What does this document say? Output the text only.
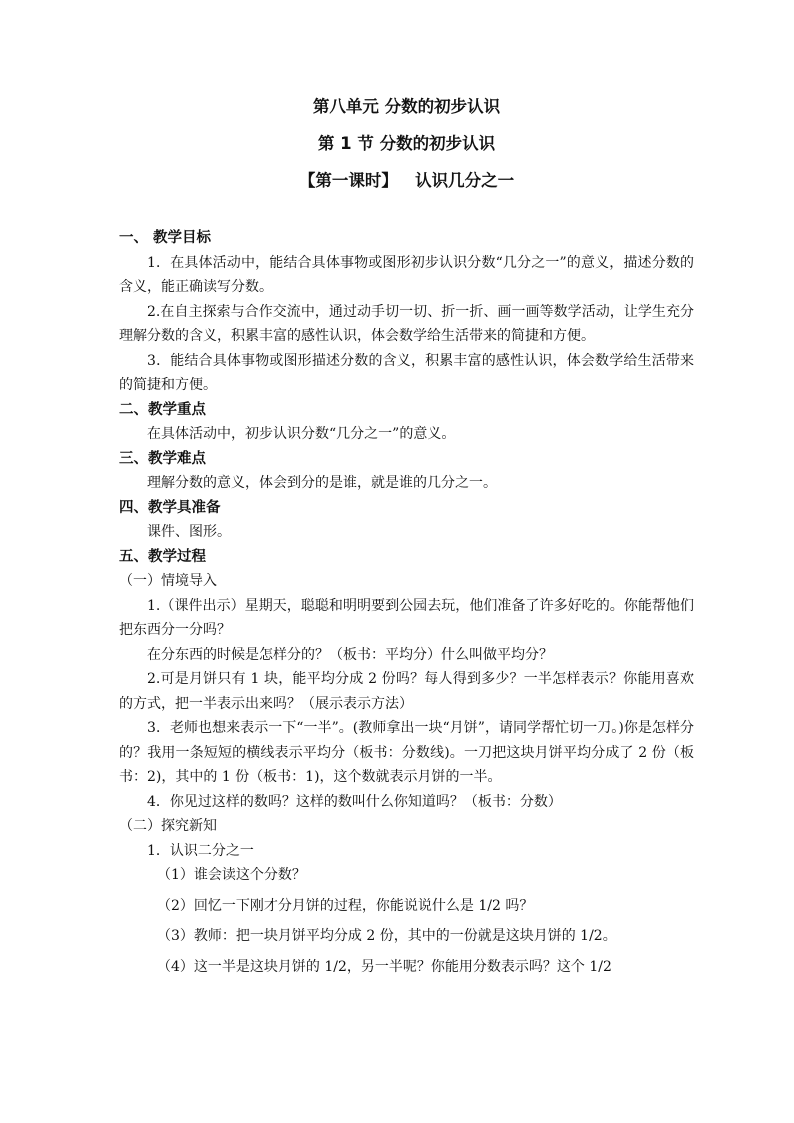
第八单元 分数的初步认识

第 1 节 分数的初步认识

【第一课时】   认识几分之一

一、 教学目标

1．在具体活动中，能结合具体事物或图形初步认识分数“几分之一”的意义，描述分数的含义，能正确读写分数。

2.在自主探索与合作交流中，通过动手切一切、折一折、画一画等数学活动，让学生充分理解分数的含义，积累丰富的感性认识，体会数学给生活带来的简捷和方便。

3．能结合具体事物或图形描述分数的含义，积累丰富的感性认识，体会数学给生活带来的简捷和方便。

二、教学重点

在具体活动中，初步认识分数“几分之一”的意义。

三、教学难点

理解分数的意义，体会到分的是谁，就是谁的几分之一。

四、教学具准备

课件、图形。

五、教学过程

（一）情境导入

1.（课件出示）星期天，聪聪和明明要到公园去玩，他们准备了许多好吃的。你能帮他们把东西分一分吗？

在分东西的时候是怎样分的？（板书：平均分）什么叫做平均分？

2.可是月饼只有 1 块，能平均分成 2 份吗？每人得到多少？一半怎样表示？你能用喜欢的方式，把一半表示出来吗？（展示表示方法）

3．老师也想来表示一下“一半”。(教师拿出一块“月饼”，请同学帮忙切一刀。)你是怎样分的？我用一条短短的横线表示平均分（板书：分数线)。一刀把这块月饼平均分成了 2 份（板书：2)，其中的 1 份（板书：1)，这个数就表示月饼的一半。

4．你见过这样的数吗？这样的数叫什么你知道吗？（板书：分数）

（二）探究新知

1．认识二分之一

（1）谁会读这个分数？

（2）回忆一下刚才分月饼的过程，你能说说什么是 1/2 吗？

（3）教师：把一块月饼平均分成 2 份，其中的一份就是这块月饼的 1/2。

（4）这一半是这块月饼的 1/2，另一半呢？你能用分数表示吗？这个 1/2
